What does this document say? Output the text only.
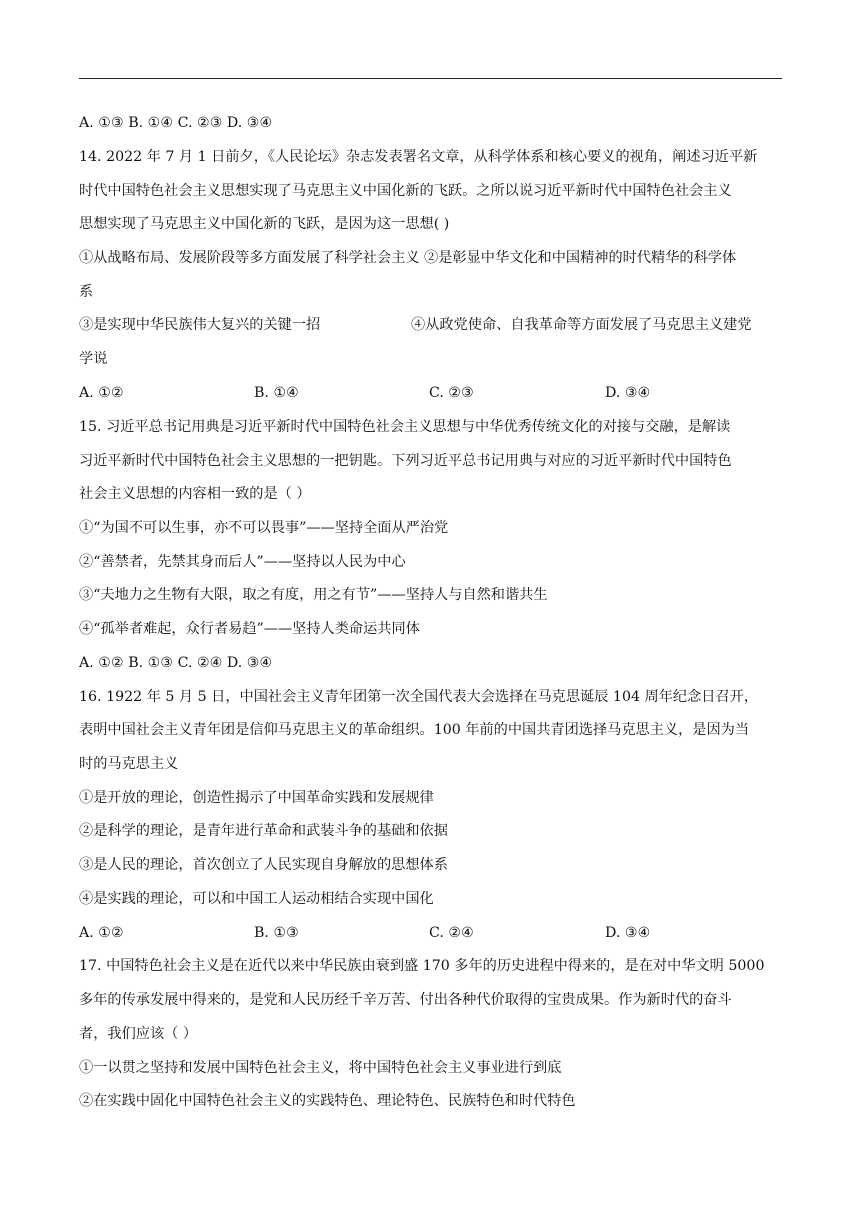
A. ①③ B. ①④ C. ②③ D. ③④
14. 2022 年 7 月 1 日前夕，《人民论坛》杂志发表署名文章，从科学体系和核心要义的视角，阐述习近平新
时代中国特色社会主义思想实现了马克思主义中国化新的飞跃。之所以说习近平新时代中国特色社会主义
思想实现了马克思主义中国化新的飞跃，是因为这一思想( )
①从战略布局、发展阶段等多方面发展了科学社会主义 ②是彰显中华文化和中国精神的时代精华的科学体
系
③是实现中华民族伟大复兴的关键一招	④从政党使命、自我革命等方面发展了马克思主义建党
学说
A. ①②	B. ①④	C. ②③	D. ③④
15. 习近平总书记用典是习近平新时代中国特色社会主义思想与中华优秀传统文化的对接与交融，是解读
习近平新时代中国特色社会主义思想的一把钥匙。下列习近平总书记用典与对应的习近平新时代中国特色
社会主义思想的内容相一致的是（ ）
①“为国不可以生事，亦不可以畏事”——坚持全面从严治党
②“善禁者，先禁其身而后人”——坚持以人民为中心
③“夫地力之生物有大限，取之有度，用之有节”——坚持人与自然和谐共生
④“孤举者难起，众行者易趋”——坚持人类命运共同体
A. ①② B. ①③ C. ②④ D. ③④
16. 1922 年 5 月 5 日，中国社会主义青年团第一次全国代表大会选择在马克思诞辰 104 周年纪念日召开，
表明中国社会主义青年团是信仰马克思主义的革命组织。100 年前的中国共青团选择马克思主义，是因为当
时的马克思主义
①是开放的理论，创造性揭示了中国革命实践和发展规律
②是科学的理论，是青年进行革命和武装斗争的基础和依据
③是人民的理论，首次创立了人民实现自身解放的思想体系
④是实践的理论，可以和中国工人运动相结合实现中国化
A. ①②	B. ①③	C. ②④	D. ③④
17. 中国特色社会主义是在近代以来中华民族由衰到盛 170 多年的历史进程中得来的，是在对中华文明 5000
多年的传承发展中得来的，是党和人民历经千辛万苦、付出各种代价取得的宝贵成果。作为新时代的奋斗
者，我们应该（ ）
①一以贯之坚持和发展中国特色社会主义，将中国特色社会主义事业进行到底
②在实践中固化中国特色社会主义的实践特色、理论特色、民族特色和时代特色
